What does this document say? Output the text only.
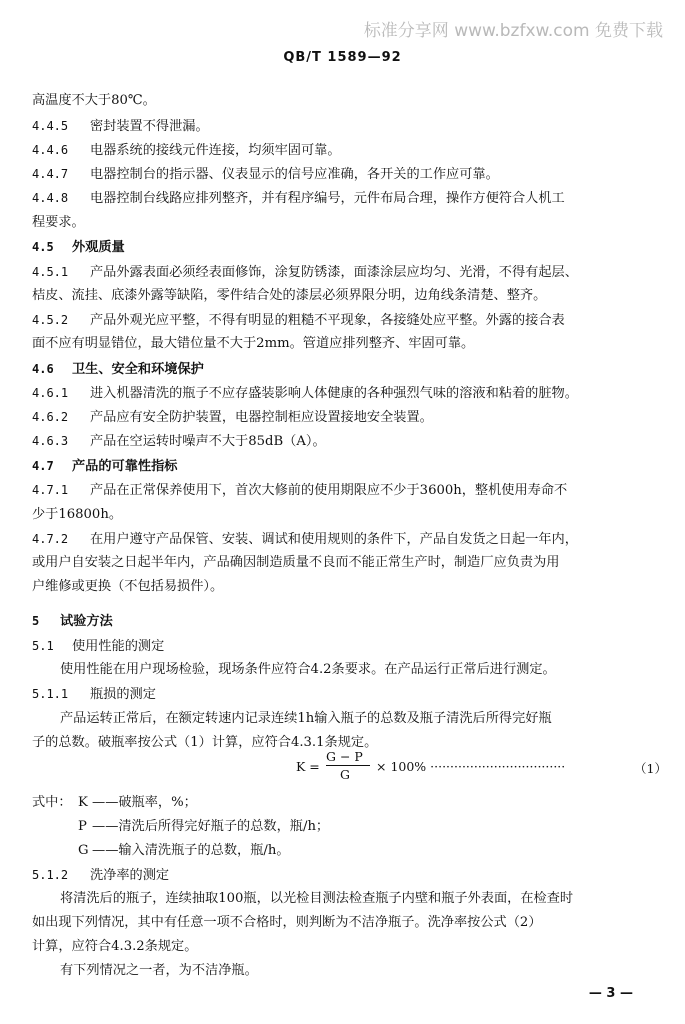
标准分享网 www.bzfxw.com 免费下载
QB/T 1589—92
高温度不大于80℃。
4.4.5 密封装置不得泄漏。
4.4.6 电器系统的接线元件连接，均须牢固可靠。
4.4.7 电器控制台的指示器、仪表显示的信号应准确，各开关的工作应可靠。
4.4.8 电器控制台线路应排列整齐，并有程序编号，元件布局合理，操作方便符合人机工
程要求。
4.5 外观质量
4.5.1 产品外露表面必须经表面修饰，涂复防锈漆，面漆涂层应均匀、光滑，不得有起层、
桔皮、流挂、底漆外露等缺陷，零件结合处的漆层必须界限分明，边角线条清楚、整齐。
4.5.2 产品外观光应平整，不得有明显的粗糙不平现象，各接缝处应平整。外露的接合表
面不应有明显错位，最大错位量不大于2mm。管道应排列整齐、牢固可靠。
4.6 卫生、安全和环境保护
4.6.1 进入机器清洗的瓶子不应存盛装影响人体健康的各种强烈气味的溶液和粘着的脏物。
4.6.2 产品应有安全防护装置，电器控制柜应设置接地安全装置。
4.6.3 产品在空运转时噪声不大于85dB（A）。
4.7 产品的可靠性指标
4.7.1 产品在正常保养使用下，首次大修前的使用期限应不少于3600h，整机使用寿命不
少于16800h。
4.7.2 在用户遵守产品保管、安装、调试和使用规则的条件下，产品自发货之日起一年内，
或用户自安装之日起半年内，产品确因制造质量不良而不能正常生产时，制造厂应负责为用
户维修或更换（不包括易损件）。
5 试验方法
5.1 使用性能的测定
使用性能在用户现场检验，现场条件应符合4.2条要求。在产品运行正常后进行测定。
5.1.1 瓶损的测定
产品运转正常后，在额定转速内记录连续1h输入瓶子的总数及瓶子清洗后所得完好瓶
子的总数。破瓶率按公式（1）计算，应符合4.3.1条规定。
K =
G − P
G
× 100% ··································	（1）
式中： K ——破瓶率，%；
P ——清洗后所得完好瓶子的总数，瓶/h；
G ——输入清洗瓶子的总数，瓶/h。
5.1.2 洗净率的测定
将清洗后的瓶子，连续抽取100瓶，以光检目测法检查瓶子内壁和瓶子外表面，在检查时
如出现下列情况，其中有任意一项不合格时，则判断为不洁净瓶子。洗净率按公式（2）
计算，应符合4.3.2条规定。
有下列情况之一者，为不洁净瓶。
— 3 —
